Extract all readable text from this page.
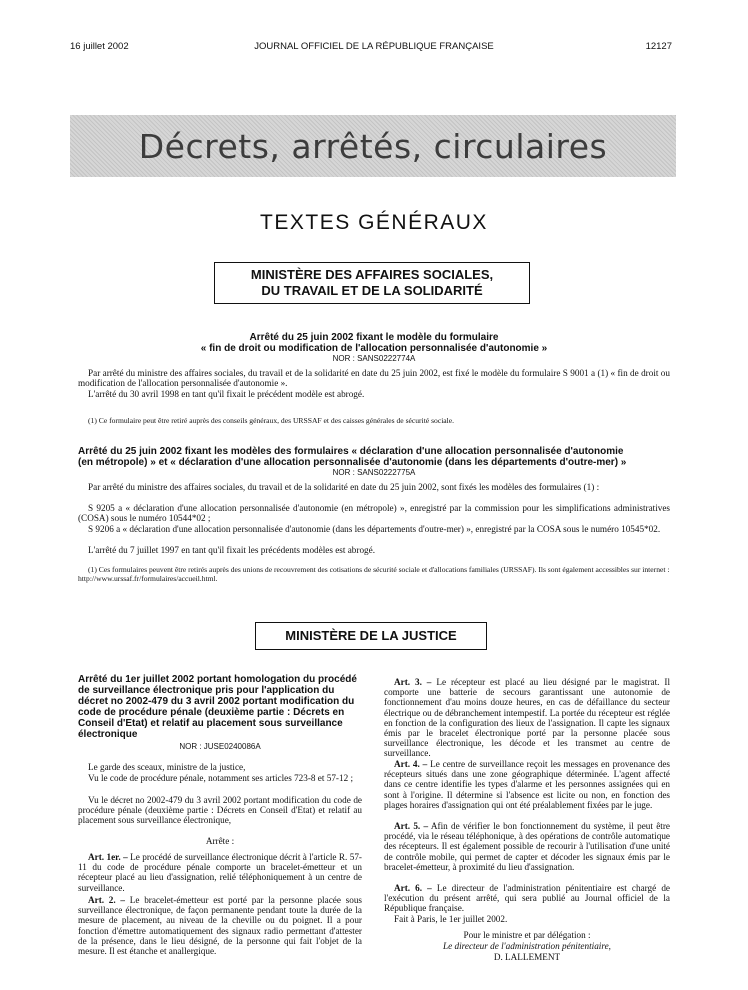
16 juillet 2002	JOURNAL OFFICIEL DE LA RÉPUBLIQUE FRANÇAISE	12127
Décrets, arrêtés, circulaires
TEXTES GÉNÉRAUX
MINISTÈRE DES AFFAIRES SOCIALES,
DU TRAVAIL ET DE LA SOLIDARITÉ
Arrêté du 25 juin 2002 fixant le modèle du formulaire
« fin de droit ou modification de l'allocation personnalisée d'autonomie »
NOR : SANS0222774A
Par arrêté du ministre des affaires sociales, du travail et de la solidarité en date du 25 juin 2002, est fixé le modèle du formulaire S 9001 a (1) « fin de droit ou modification de l'allocation personnalisée d'autonomie ».
L'arrêté du 30 avril 1998 en tant qu'il fixait le précédent modèle est abrogé.
(1) Ce formulaire peut être retiré auprès des conseils généraux, des URSSAF et des caisses générales de sécurité sociale.
Arrêté du 25 juin 2002 fixant les modèles des formulaires « déclaration d'une allocation personnalisée d'autonomie
(en métropole) » et « déclaration d'une allocation personnalisée d'autonomie (dans les départements d'outre-mer) »
NOR : SANS0222775A
Par arrêté du ministre des affaires sociales, du travail et de la solidarité en date du 25 juin 2002, sont fixés les modèles des formulaires (1) :
S 9205 a « déclaration d'une allocation personnalisée d'autonomie (en métropole) », enregistré par la commission pour les simplifications administratives (COSA) sous le numéro 10544*02 ;
S 9206 a « déclaration d'une allocation personnalisée d'autonomie (dans les départements d'outre-mer) », enregistré par la COSA sous le numéro 10545*02.
L'arrêté du 7 juillet 1997 en tant qu'il fixait les précédents modèles est abrogé.
(1) Ces formulaires peuvent être retirés auprès des unions de recouvrement des cotisations de sécurité sociale et d'allocations familiales (URSSAF). Ils sont également accessibles sur internet : http://www.urssaf.fr/formulaires/accueil.html.
MINISTÈRE DE LA JUSTICE
Arrêté du 1er juillet 2002 portant homologation du procédé de surveillance électronique pris pour l'application du décret no 2002-479 du 3 avril 2002 portant modification du code de procédure pénale (deuxième partie : Décrets en Conseil d'Etat) et relatif au placement sous surveillance électronique
NOR : JUSE0240086A
Le garde des sceaux, ministre de la justice,
Vu le code de procédure pénale, notamment ses articles 723-8 et 57-12 ;
Vu le décret no 2002-479 du 3 avril 2002 portant modification du code de procédure pénale (deuxième partie : Décrets en Conseil d'Etat) et relatif au placement sous surveillance électronique,
Arrête :
Art. 1er. – Le procédé de surveillance électronique décrit à l'article R. 57-11 du code de procédure pénale comporte un bracelet-émetteur et un récepteur placé au lieu d'assignation, relié téléphoniquement à un centre de surveillance.
Art. 2. – Le bracelet-émetteur est porté par la personne placée sous surveillance électronique, de façon permanente pendant toute la durée de la mesure de placement, au niveau de la cheville ou du poignet. Il a pour fonction d'émettre automatiquement des signaux radio permettant d'attester de la présence, dans le lieu désigné, de la personne qui fait l'objet de la mesure. Il est étanche et anallergique.
Art. 3. – Le récepteur est placé au lieu désigné par le magistrat. Il comporte une batterie de secours garantissant une autonomie de fonctionnement d'au moins douze heures, en cas de défaillance du secteur électrique ou de débranchement intempestif. La portée du récepteur est réglée en fonction de la configuration des lieux de l'assignation. Il capte les signaux émis par le bracelet électronique porté par la personne placée sous surveillance électronique, les décode et les transmet au centre de surveillance.
Art. 4. – Le centre de surveillance reçoit les messages en provenance des récepteurs situés dans une zone géographique déterminée. L'agent affecté dans ce centre identifie les types d'alarme et les personnes assignées qui en sont à l'origine. Il détermine si l'absence est licite ou non, en fonction des plages horaires d'assignation qui ont été préalablement fixées par le juge.
Art. 5. – Afin de vérifier le bon fonctionnement du système, il peut être procédé, via le réseau téléphonique, à des opérations de contrôle automatique des récepteurs. Il est également possible de recourir à l'utilisation d'une unité de contrôle mobile, qui permet de capter et décoder les signaux émis par le bracelet-émetteur, à proximité du lieu d'assignation.
Art. 6. – Le directeur de l'administration pénitentiaire est chargé de l'exécution du présent arrêté, qui sera publié au Journal officiel de la République française.
Fait à Paris, le 1er juillet 2002.
Pour le ministre et par délégation :
Le directeur de l'administration pénitentiaire,
D. LALLEMENT
